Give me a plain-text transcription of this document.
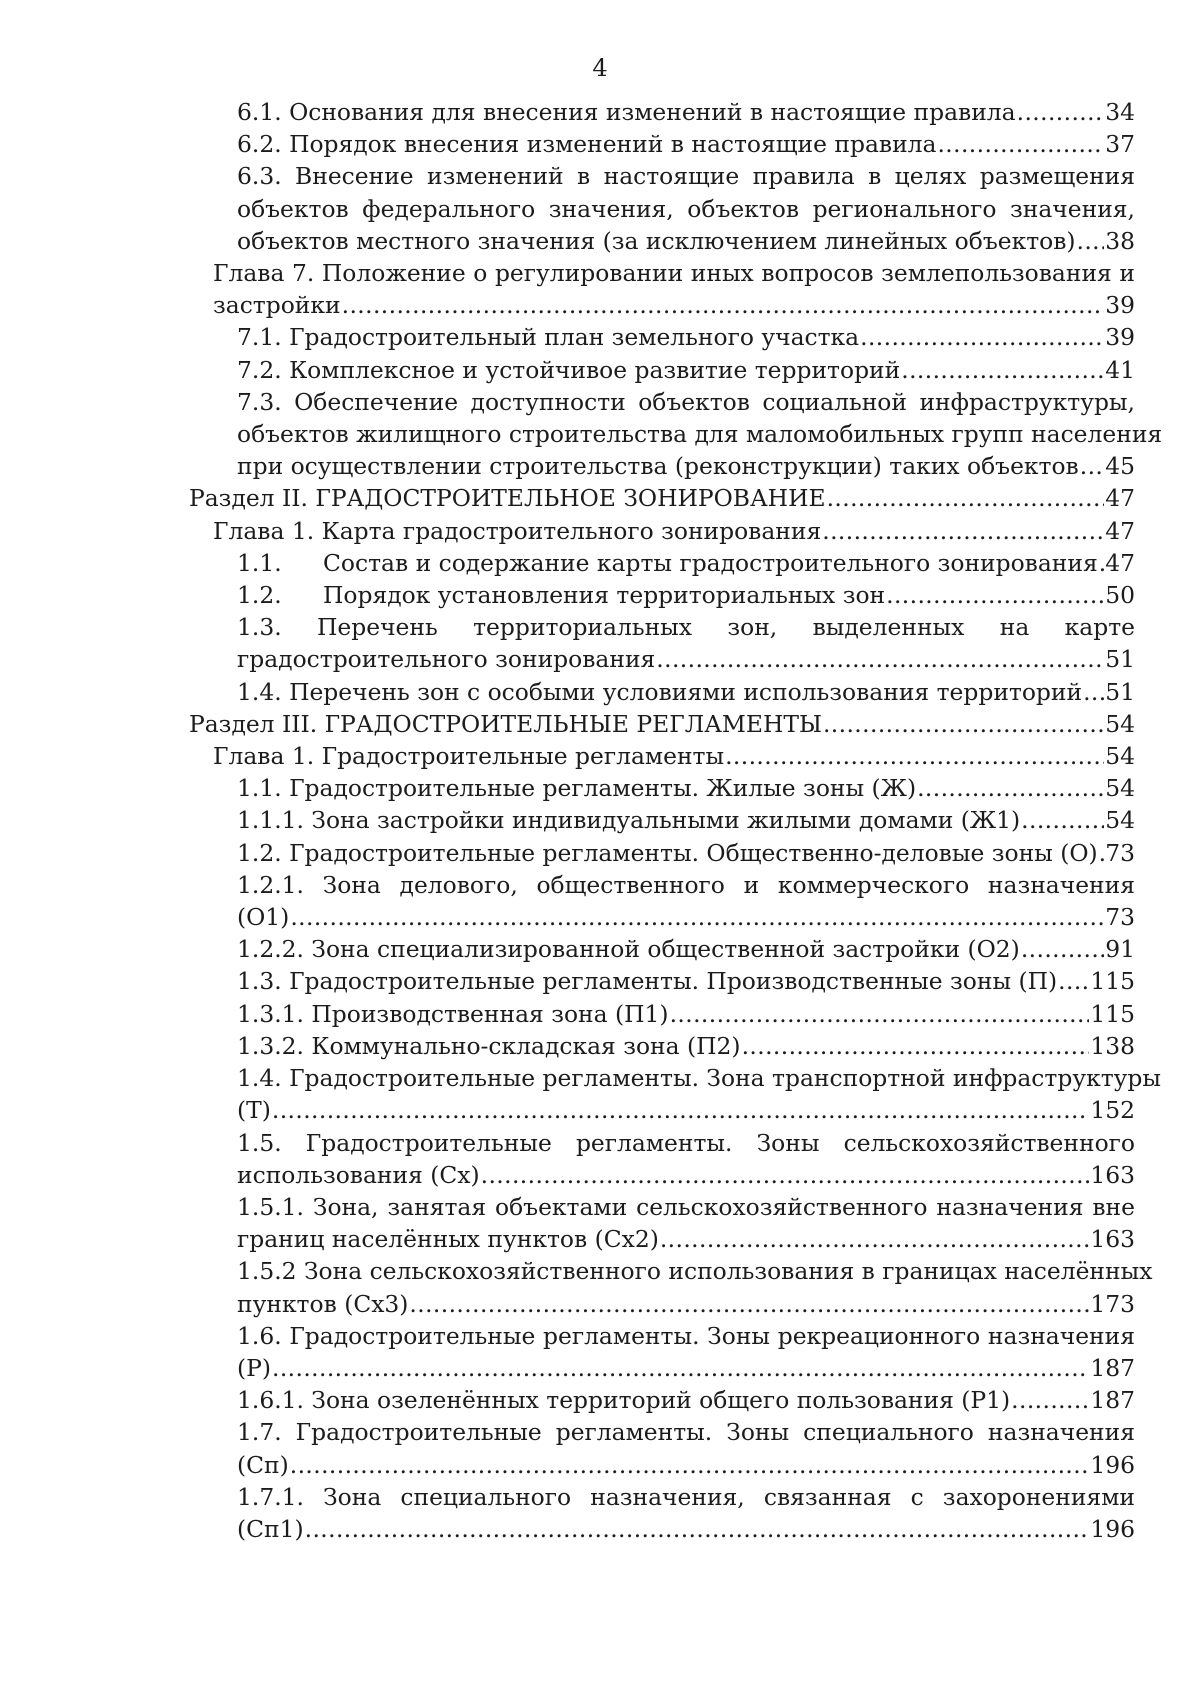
4
6.1. Основания для внесения изменений в настоящие правила .....	34
6.2. Порядок внесения изменений в настоящие правила .....	37
6.3. Внесение изменений в настоящие правила в целях размещения
объектов федерального значения, объектов регионального значения,
объектов местного значения (за исключением линейных объектов) ..... 38
Глава 7. Положение о регулировании иных вопросов землепользования и
застройки .....	39
7.1. Градостроительный план земельного участка .....	39
7.2. Комплексное и устойчивое развитие территорий .....	41
7.3. Обеспечение доступности объектов социальной инфраструктуры,
объектов жилищного строительства для маломобильных групп населения
при осуществлении строительства (реконструкции) таких объектов ..... 45
Раздел II. ГРАДОСТРОИТЕЛЬНОЕ ЗОНИРОВАНИЕ .....	47
Глава 1. Карта градостроительного зонирования .....	47
1.1.	Состав и содержание карты градостроительного зонирования ..... 47
1.2.	Порядок установления территориальных зон .....	50
1.3. Перечень территориальных зон, выделенных на карте
градостроительного зонирования .....	51
1.4. Перечень зон с особыми условиями использования территорий ..... 51
Раздел III. ГРАДОСТРОИТЕЛЬНЫЕ РЕГЛАМЕНТЫ .....	54
Глава 1. Градостроительные регламенты .....	54
1.1. Градостроительные регламенты. Жилые зоны (Ж) .....	54
1.1.1. Зона застройки индивидуальными жилыми домами (Ж1) .....	54
1.2. Градостроительные регламенты. Общественно-деловые зоны (О) ..... 73
1.2.1. Зона делового, общественного и коммерческого назначения
(О1) .....	73
1.2.2. Зона специализированной общественной застройки (О2) .....	91
1.3. Градостроительные регламенты. Производственные зоны (П) ..... 115
1.3.1. Производственная зона (П1) .....	115
1.3.2. Коммунально-складская зона (П2) .....	138
1.4. Градостроительные регламенты. Зона транспортной инфраструктуры
(Т) .....	152
1.5. Градостроительные регламенты. Зоны сельскохозяйственного
использования (Сх) .....	163
1.5.1. Зона, занятая объектами сельскохозяйственного назначения вне
границ населённых пунктов (Сх2) .....	163
1.5.2 Зона сельскохозяйственного использования в границах населённых
пунктов (Сх3) .....	173
1.6. Градостроительные регламенты. Зоны рекреационного назначения
(Р) .....	187
1.6.1. Зона озеленённых территорий общего пользования (Р1) .....	187
1.7. Градостроительные регламенты. Зоны специального назначения
(Сп) .....	196
1.7.1. Зона специального назначения, связанная с захоронениями
(Сп1) .....	196
